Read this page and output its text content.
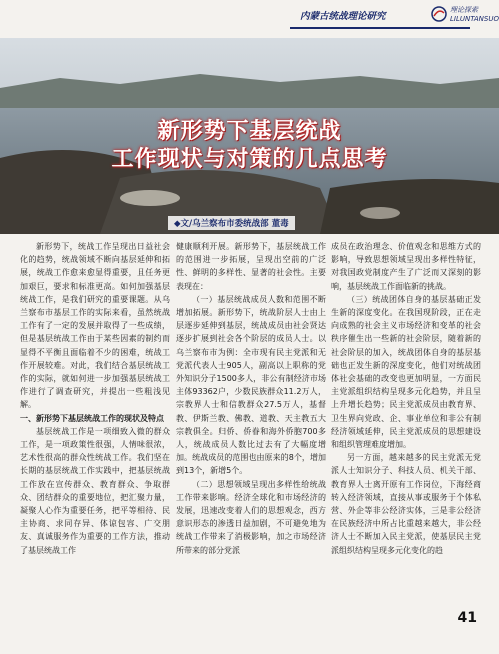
内蒙古统战理论研究
理论探索
LILUNTANSUO
新形势下基层统战
工作现状与对策的几点思考
◆文/乌兰察布市委统战部 董毒

新形势下，统战工作呈现出日益社会化的趋势，统战领域不断向基层延伸和拓展，统战工作愈来愈显得重要，且任务更加艰巨，要求和标准更高。如何加强基层统战工作，是我们研究的重要课题。从乌兰察布市基层工作的实际来看，虽然统战工作有了一定的发展并取得了一些成绩，但是基层统战工作由于某些因素的制约而显得不平衡且面临着不少的困难，统战工作开展较难。对此，我们结合基层统战工作的实际，就如何进一步加强基层统战工作进行了调查研究，并提出一些粗浅见解。

一、新形势下基层统战工作的现状及特点

基层统战工作是一项细致入微的群众工作，是一项政策性很强，人情味很浓，艺术性很高的群众性统战工作。我们坚在长期的基层统战工作实践中，把基层统战工作放在宣传群众、教育群众、争取群众、团结群众的重要地位，把汇聚力量，凝聚人心作为重要任务，把平等相待、民主协商、求同存异、体谅包容、广交朋友、真诚服务作为重要的工作方法，推动了基层统战工作

健康顺利开展。新形势下，基层统战工作的范围进一步拓展，呈现出空前的广泛性、鲜明的多样性、显著的社会性。主要表现在：

（一）基层统战成员人数和范围不断增加拓展。新形势下，统战阶层人士由上层逐步延伸到基层，统战成员由社会贤达逐步扩展到社会各个阶层的成员人士。以乌兰察布市为例：全市现有民主党派和无党派代表人士905人，副高以上职称的党外知识分子1500多人，非公有制经济市场主体93362户，少数民族群众11.2万人，宗教界人士和信教群众27.5万人，基督教、伊斯兰教、佛教、道教、天主教五大宗教俱全。归侨、侨眷和海外侨胞700多人，统战成员人数比过去有了大幅度增加。统战成员的范围也由原来的8个，增加到13个，新增5个。

（二）思想领域呈现出多样性给统战工作带来影响。经济全球化和市场经济的发展，迅速改变着人们的思想观念，西方意识形态的渗透日益加剧，不可避免地为统战工作带来了消极影响，加之市场经济所带来的部分党派

成员在政治理念、价值观念和思维方式的影响，导致思想领域呈现出多样性特征，对我国政党制度产生了广泛而又深刻的影响，基层统战工作面临新的挑战。

（三）统战团体自身的基层基础正发生新的深度变化。在我国现阶段，正在走向成熟的社会主义市场经济和变革的社会秩序催生出一些新的社会阶层，随着新的社会阶层的加入，统战团体自身的基层基础也正发生新的深度变化，他们对统战团体社会基础的改变也更加明显，一方面民主党派组织结构呈现多元化趋势，并且呈上升增长趋势；民主党派成员由教育界、卫生界向党政、企、事业单位和非公有制经济领域延伸，民主党派成员的思想建设和组织管理难度增加。

另一方面，越来越多的民主党派无党派人士知识分子、科技人员、机关干部、教育界人士离开原有工作岗位，下海经商转入经济领域，直接从事或服务于个体私营、外企等非公经济实体，三是非公经济在民族经济中所占比重越来越大，非公经济人士不断加入民主党派，使基层民主党派组织结构呈现多元化变化的趋

41
